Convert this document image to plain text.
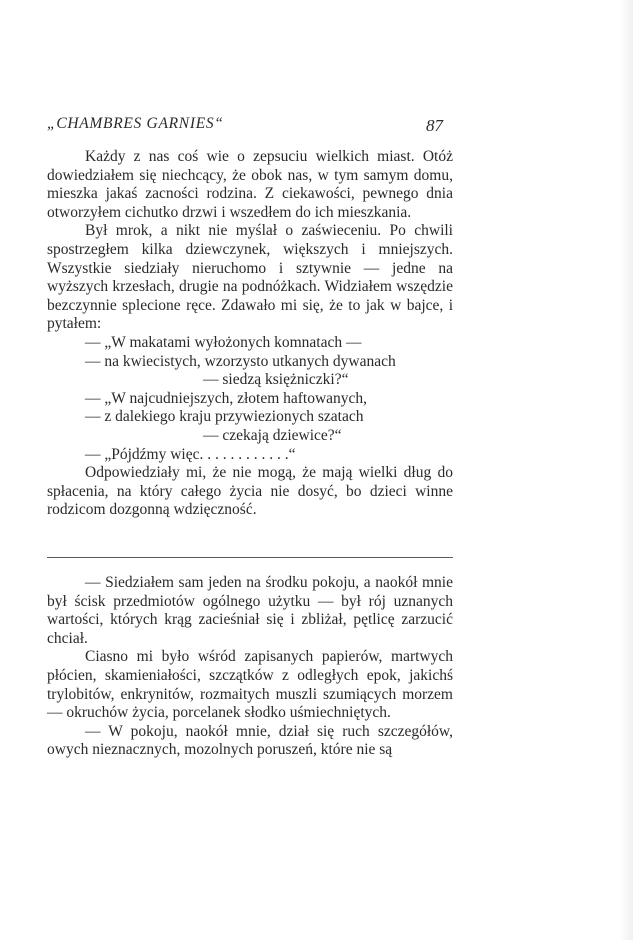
„CHAMBRES GARNIES“	87

Każdy z nas coś wie o zepsuciu wielkich miast. Otóż dowiedziałem się niechcący, że obok nas, w tym samym domu, mieszka jakaś zacności rodzina. Z ciekawości, pewnego dnia otworzyłem cichutko drzwi i wszedłem do ich mieszkania.

Był mrok, a nikt nie myślał o zaświeceniu. Po chwili spostrzegłem kilka dziewczynek, większych i mniejszych. Wszystkie siedziały nieruchomo i sztywnie — jedne na wyższych krzesłach, drugie na podnóżkach. Widziałem wszędzie bezczynnie splecione ręce. Zdawało mi się, że to jak w bajce, i pytałem:

— „W makatami wyłożonych komnatach —

— na kwiecistych, wzorzysto utkanych dywanach

— siedzą księżniczki?“

— „W najcudniejszych, złotem haftowanych,

— z dalekiego kraju przywiezionych szatach

— czekają dziewice?“

— „Pójdźmy więc. . . . . . . . . . . .“

Odpowiedziały mi, że nie mogą, że mają wielki dług do spłacenia, na który całego życia nie dosyć, bo dzieci winne rodzicom dozgonną wdzięczność.

— Siedziałem sam jeden na środku pokoju, a naokół mnie był ścisk przedmiotów ogólnego użytku — był rój uznanych wartości, których krąg zacieśniał się i zbliżał, pętlicę zarzucić chciał.

Ciasno mi było wśród zapisanych papierów, martwych płócien, skamieniałości, szczątków z odległych epok, jakichś trylobitów, enkrynitów, rozmaitych muszli szumiących morzem — okruchów życia, porcelanek słodko uśmiechniętych.

— W pokoju, naokół mnie, dział się ruch szczegółów, owych nieznacznych, mozolnych poruszeń, które nie są
